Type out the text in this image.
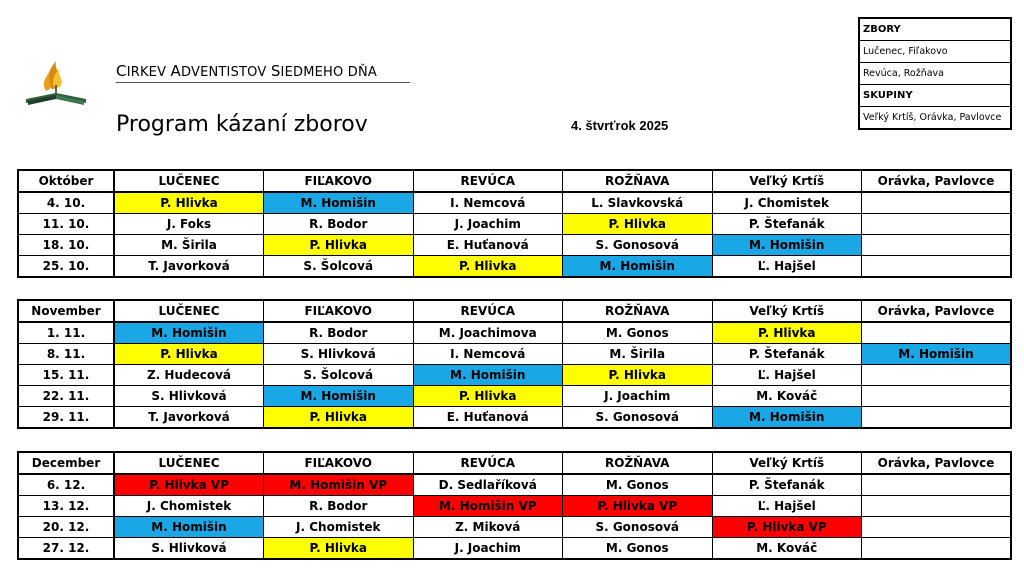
CIRKEV ADVENTISTOV SIEDMEHO DŇA
Program kázaní zborov	4. štvrťrok 2025
ZBORY
Lučenec, Fiľakovo
Revúca, Rožňava
SKUPINY
Veľký Krtíš, Orávka, Pavlovce
Október	LUČENEC	FIĽAKOVO	REVÚCA	ROŽŇAVA	Veľký Krtíš	Orávka, Pavlovce
4. 10.	P. Hlivka	M. Homišin	I. Nemcová	L. Slavkovská	J. Chomistek	
11. 10.	J. Foks	R. Bodor	J. Joachim	P. Hlivka	P. Štefanák	
18. 10.	M. Širila	P. Hlivka	E. Huťanová	S. Gonosová	M. Homišin	
25. 10.	T. Javorková	S. Šolcová	P. Hlivka	M. Homišin	Ľ. Hajšel	
November	LUČENEC	FIĽAKOVO	REVÚCA	ROŽŇAVA	Veľký Krtíš	Orávka, Pavlovce
1. 11.	M. Homišin	R. Bodor	M. Joachimova	M. Gonos	P. Hlivka	
8. 11.	P. Hlivka	S. Hlivková	I. Nemcová	M. Širila	P. Štefanák	M. Homišin
15. 11.	Z. Hudecová	S. Šolcová	M. Homišin	P. Hlivka	Ľ. Hajšel	
22. 11.	S. Hlivková	M. Homišin	P. Hlivka	J. Joachim	M. Kováč	
29. 11.	T. Javorková	P. Hlivka	E. Huťanová	S. Gonosová	M. Homišin	
December	LUČENEC	FIĽAKOVO	REVÚCA	ROŽŇAVA	Veľký Krtíš	Orávka, Pavlovce
6. 12.	P. Hlivka VP	M. Homišin VP	D. Sedlaříková	M. Gonos	P. Štefanák	
13. 12.	J. Chomistek	R. Bodor	M. Homišin VP	P. Hlivka VP	Ľ. Hajšel	
20. 12.	M. Homišin	J. Chomistek	Z. Miková	S. Gonosová	P. Hlivka VP	
27. 12.	S. Hlivková	P. Hlivka	J. Joachim	M. Gonos	M. Kováč	
